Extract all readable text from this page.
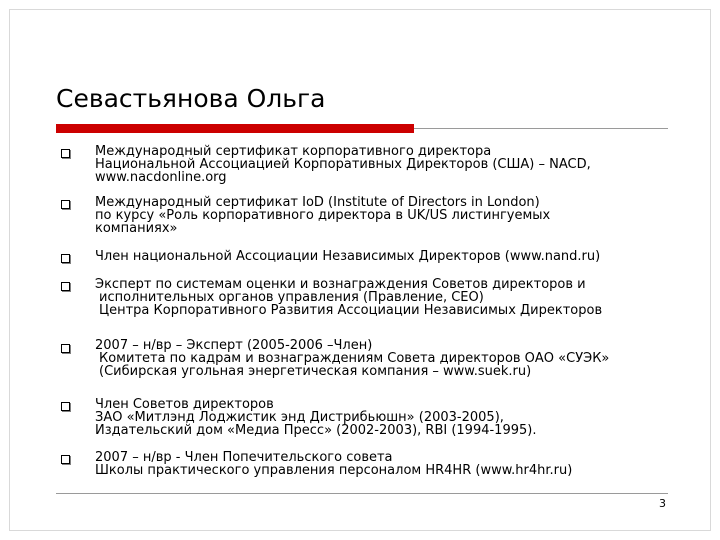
Севастьянова Ольга

Международный сертификат корпоративного директора
Национальной Ассоциацией Корпоративных Директоров (США) – NACD,
www.nacdonline.org

Международный сертификат IoD (Institute of Directors in London)
по курсу «Роль корпоративного директора в UK/US листингуемых
компаниях»

Член национальной Ассоциации Независимых Директоров (www.nand.ru)

Эксперт по системам оценки и вознаграждения Советов директоров и
исполнительных органов управления (Правление, CEO)
Центра Корпоративного Развития Ассоциации Независимых Директоров

2007 – н/вр – Эксперт (2005-2006 –Член)
Комитета по кадрам и вознаграждениям Совета директоров ОАО «СУЭК»
(Сибирская угольная энергетическая компания – www.suek.ru)

Член Советов директоров
ЗАО «Митлэнд Лоджистик энд Дистрибьюшн» (2003-2005),
Издательский дом «Медиа Пресс» (2002-2003), RBI (1994-1995).

2007 – н/вр - Член Попечительского совета
Школы практического управления персоналом HR4HR (www.hr4hr.ru)

3
